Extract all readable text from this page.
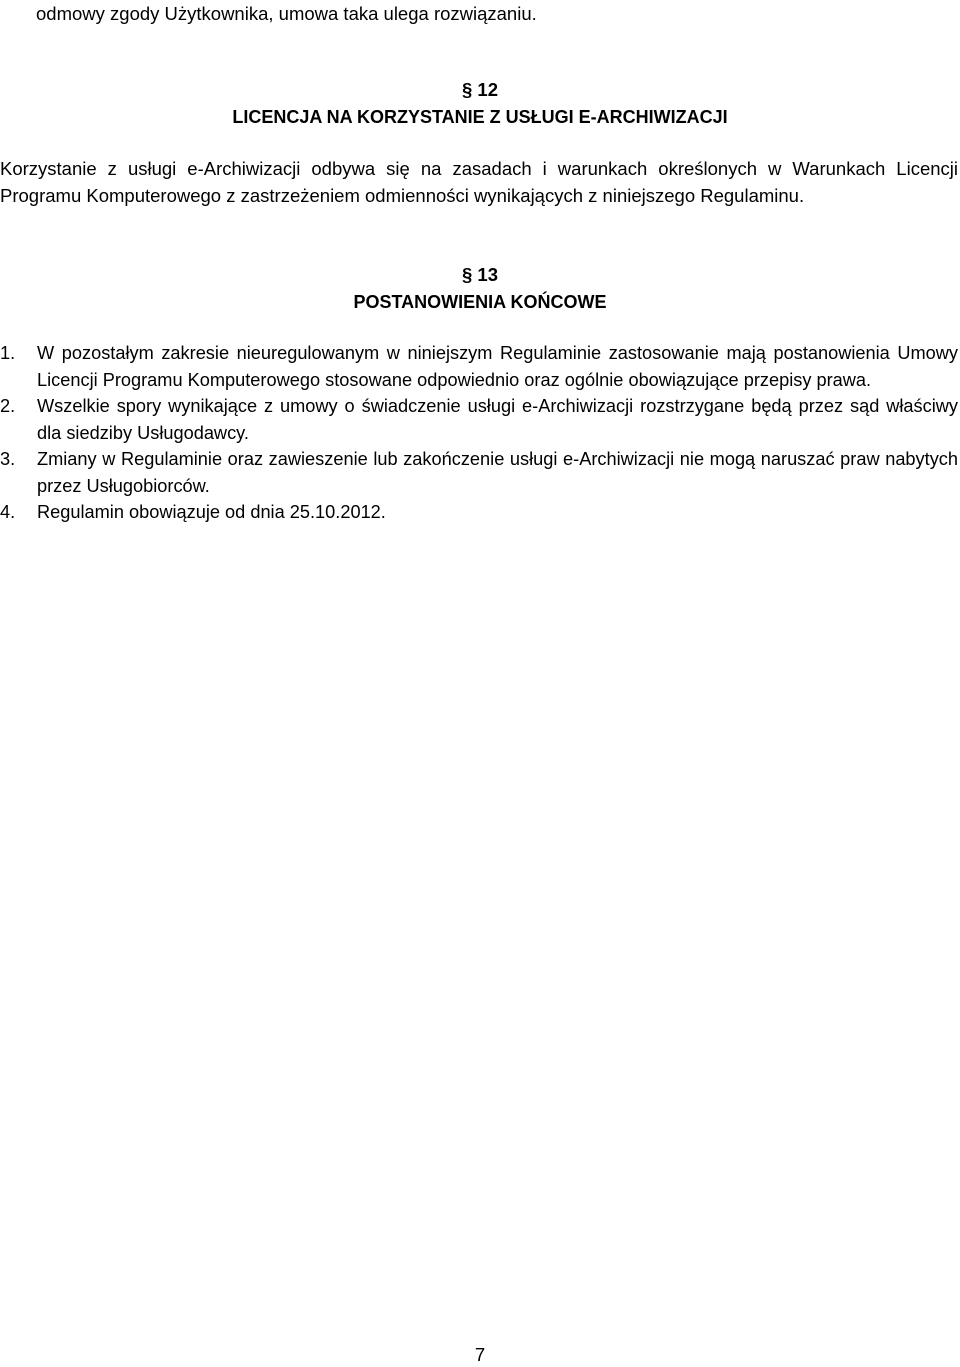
odmowy zgody Użytkownika, umowa taka ulega rozwiązaniu.
§ 12
LICENCJA NA KORZYSTANIE Z USŁUGI E-ARCHIWIZACJI
Korzystanie z usługi e-Archiwizacji odbywa się na zasadach i warunkach określonych w Warunkach Licencji Programu Komputerowego z zastrzeżeniem odmienności wynikających z niniejszego Regulaminu.
§ 13
POSTANOWIENIA KOŃCOWE
1.	W pozostałym zakresie nieuregulowanym w niniejszym Regulaminie zastosowanie mają postanowienia Umowy Licencji Programu Komputerowego stosowane odpowiednio oraz ogólnie obowiązujące przepisy prawa.
2.	Wszelkie spory wynikające z umowy o świadczenie usługi e-Archiwizacji rozstrzygane będą przez sąd właściwy dla siedziby Usługodawcy.
3.	Zmiany w Regulaminie oraz zawieszenie lub zakończenie usługi e-Archiwizacji nie mogą naruszać praw nabytych przez Usługobiorców.
4.	Regulamin obowiązuje od dnia 25.10.2012.
7
